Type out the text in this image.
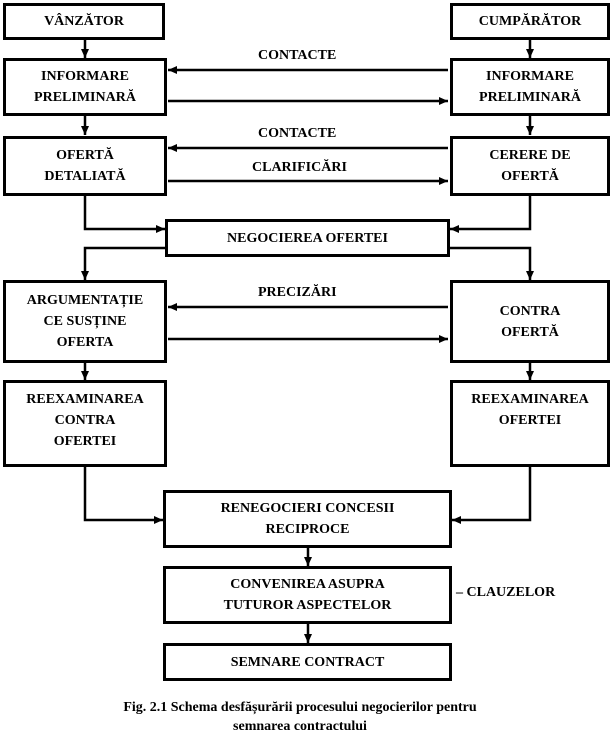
VÂNZĂTOR	CUMPĂRĂTOR
INFORMARE
PRELIMINARĂ
INFORMARE
PRELIMINARĂ
OFERTĂ
DETALIATĂ
CERERE DE
OFERTĂ
NEGOCIEREA OFERTEI
ARGUMENTAȚIE
CE SUSȚINE
OFERTA
CONTRA
OFERTĂ
REEXAMINAREA
CONTRA
OFERTEI
REEXAMINAREA
OFERTEI
RENEGOCIERI CONCESII
RECIPROCE
CONVENIREA ASUPRA
TUTUROR ASPECTELOR
SEMNARE CONTRACT
CONTACTE
CONTACTE
CLARIFICĂRI
PRECIZĂRI
– CLAUZELOR
Fig. 2.1 Schema desfășurării procesului negocierilor pentru
semnarea contractului
